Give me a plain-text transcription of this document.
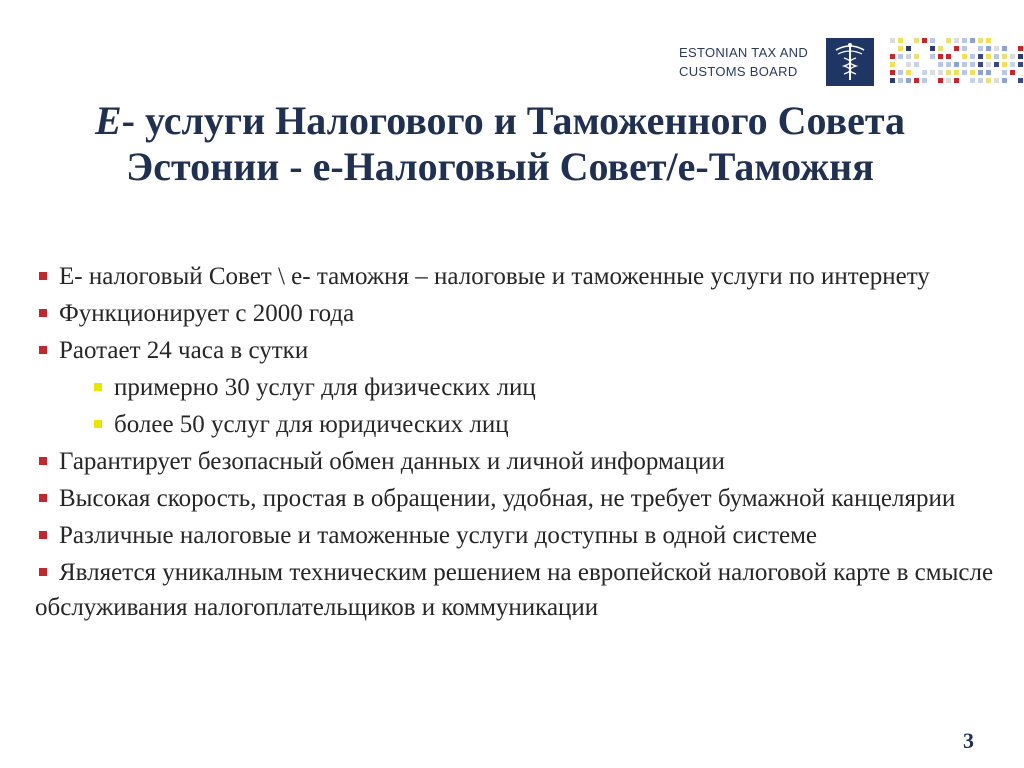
ESTONIAN TAX AND
CUSTOMS BOARD
E- услуги Налогового и Таможенного Совета Эстонии - е-Налоговый Совет/е-Таможня
Е- налоговый Совет \ е- таможня – налоговые и таможенные услуги по интернету
Функционирует с 2000 года
Раотает 24 часа в сутки
примерно 30 услуг для физических лиц
более 50 услуг для юридических лиц
Гарантирует безопасный обмен данных и личной информации
Высокая скорость, простая в обращении, удобная, не требует бумажной канцелярии
Различные налоговые и таможенные услуги доступны в одной системе
Является уникалным техническим решением на европейской налоговой карте в смысле обслуживания налогоплательщиков и коммуникации
3
